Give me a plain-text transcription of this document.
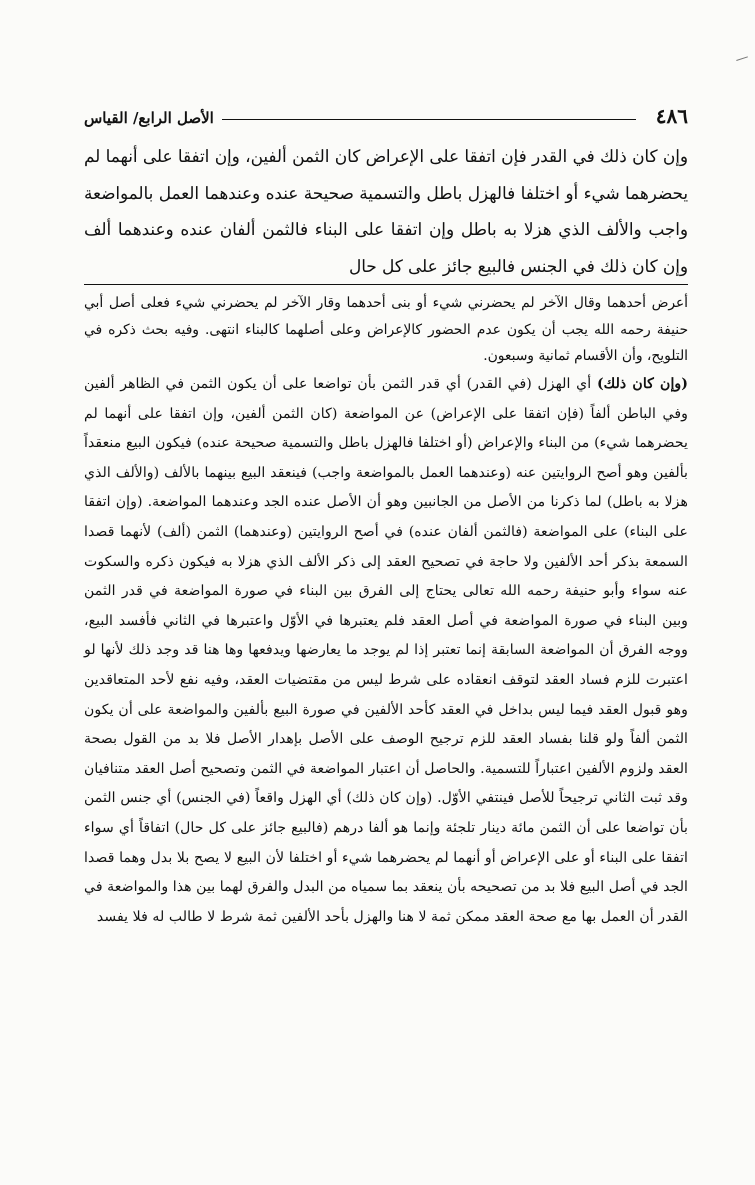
٤٨٦
الأصل الرابع/ القياس
وإن كان ذلك في القدر فإن اتفقا على الإعراض كان الثمن ألفين، وإن اتفقا على أنهما لم يحضرهما شيء أو اختلفا فالهزل باطل والتسمية صحيحة عنده وعندهما العمل بالمواضعة واجب والألف الذي هزلا به باطل وإن اتفقا على البناء فالثمن ألفان عنده وعندهما ألف وإن كان ذلك في الجنس فالبيع جائز على كل حال
أعرض أحدهما وقال الآخر لم يحضرني شيء أو بنى أحدهما وقار الآخر لم يحضرني شيء فعلى أصل أبي حنيفة رحمه الله يجب أن يكون عدم الحضور كالإعراض وعلى أصلهما كالبناء انتهى. وفيه بحث ذكره في التلويح، وأن الأقسام ثمانية وسبعون.
(وإن كان ذلك) أي الهزل (في القدر) أي قدر الثمن بأن تواضعا على أن يكون الثمن في الظاهر ألفين وفي الباطن ألفاً (فإن اتفقا على الإعراض) عن المواضعة (كان الثمن ألفين، وإن اتفقا على أنهما لم يحضرهما شيء) من البناء والإعراض (أو اختلفا فالهزل باطل والتسمية صحيحة عنده) فيكون البيع منعقداً بألفين وهو أصح الروايتين عنه (وعندهما العمل بالمواضعة واجب) فينعقد البيع بينهما بالألف (والألف الذي هزلا به باطل) لما ذكرنا من الأصل من الجانبين وهو أن الأصل عنده الجد وعندهما المواضعة. (وإن اتفقا على البناء) على المواضعة (فالثمن ألفان عنده) في أصح الروايتين (وعندهما) الثمن (ألف) لأنهما قصدا السمعة بذكر أحد الألفين ولا حاجة في تصحيح العقد إلى ذكر الألف الذي هزلا به فيكون ذكره والسكوت عنه سواء وأبو حنيفة رحمه الله تعالى يحتاج إلى الفرق بين البناء في صورة المواضعة في قدر الثمن وبين البناء في صورة المواضعة في أصل العقد فلم يعتبرها في الأوّل واعتبرها في الثاني فأفسد البيع، ووجه الفرق أن المواضعة السابقة إنما تعتبر إذا لم يوجد ما يعارضها ويدفعها وها هنا قد وجد ذلك لأنها لو اعتبرت للزم فساد العقد لتوقف انعقاده على شرط ليس من مقتضيات العقد، وفيه نفع لأحد المتعاقدين وهو قبول العقد فيما ليس بداخل في العقد كأحد الألفين في صورة البيع بألفين والمواضعة على أن يكون الثمن ألفاً ولو قلنا بفساد العقد للزم ترجيح الوصف على الأصل بإهدار الأصل فلا بد من القول بصحة العقد ولزوم الألفين اعتباراً للتسمية. والحاصل أن اعتبار المواضعة في الثمن وتصحيح أصل العقد متنافيان وقد ثبت الثاني ترجيحاً للأصل فينتفي الأوّل. (وإن كان ذلك) أي الهزل واقعاً (في الجنس) أي جنس الثمن بأن تواضعا على أن الثمن مائة دينار تلجئة وإنما هو ألفا درهم (فالبيع جائز على كل حال) اتفاقاً أي سواء اتفقا على البناء أو على الإعراض أو أنهما لم يحضرهما شيء أو اختلفا لأن البيع لا يصح بلا بدل وهما قصدا الجد في أصل البيع فلا بد من تصحيحه بأن ينعقد بما سمياه من البدل والفرق لهما بين هذا والمواضعة في القدر أن العمل بها مع صحة العقد ممكن ثمة لا هنا والهزل بأحد الألفين ثمة شرط لا طالب له فلا يفسد
